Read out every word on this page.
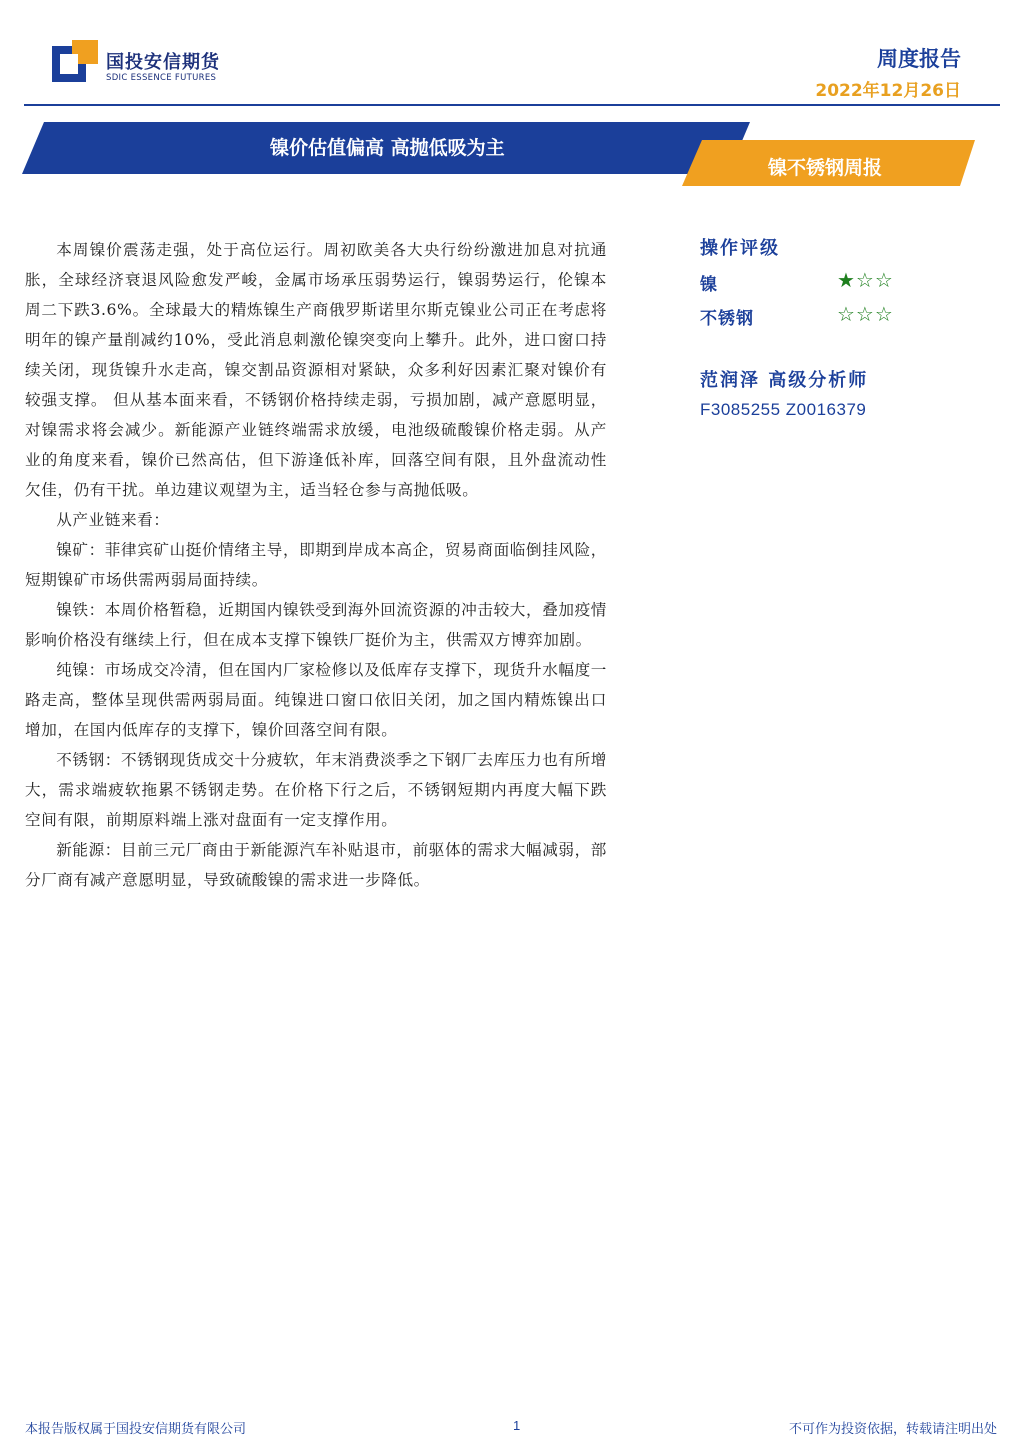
国投安信期货
SDIC ESSENCE FUTURES
周度报告
2022年12月26日
镍价估值偏高 高抛低吸为主
镍不锈钢周报

本周镍价震荡走强，处于高位运行。周初欧美各大央行纷纷激进加息对抗通胀，全球经济衰退风险愈发严峻，金属市场承压弱势运行，镍弱势运行，伦镍本周二下跌3.6%。全球最大的精炼镍生产商俄罗斯诺里尔斯克镍业公司正在考虑将明年的镍产量削减约10%，受此消息刺激伦镍突变向上攀升。此外，进口窗口持续关闭，现货镍升水走高，镍交割品资源相对紧缺，众多利好因素汇聚对镍价有较强支撑。 但从基本面来看，不锈钢价格持续走弱，亏损加剧，减产意愿明显，对镍需求将会减少。新能源产业链终端需求放缓，电池级硫酸镍价格走弱。从产业的角度来看，镍价已然高估，但下游逢低补库，回落空间有限，且外盘流动性欠佳，仍有干扰。单边建议观望为主，适当轻仓参与高抛低吸。

从产业链来看：

镍矿：菲律宾矿山挺价情绪主导，即期到岸成本高企，贸易商面临倒挂风险，短期镍矿市场供需两弱局面持续。

镍铁：本周价格暂稳，近期国内镍铁受到海外回流资源的冲击较大，叠加疫情影响价格没有继续上行，但在成本支撑下镍铁厂挺价为主，供需双方博弈加剧。

纯镍：市场成交冷清，但在国内厂家检修以及低库存支撑下，现货升水幅度一路走高，整体呈现供需两弱局面。纯镍进口窗口依旧关闭，加之国内精炼镍出口增加，在国内低库存的支撑下，镍价回落空间有限。

不锈钢：不锈钢现货成交十分疲软，年末消费淡季之下钢厂去库压力也有所增大，需求端疲软拖累不锈钢走势。在价格下行之后，不锈钢短期内再度大幅下跌空间有限，前期原料端上涨对盘面有一定支撑作用。

新能源：目前三元厂商由于新能源汽车补贴退市，前驱体的需求大幅减弱，部分厂商有减产意愿明显，导致硫酸镍的需求进一步降低。

操作评级
镍	★☆☆
不锈钢	☆☆☆
范润泽 高级分析师
F3085255 Z0016379
本报告版权属于国投安信期货有限公司	1	不可作为投资依据，转载请注明出处
